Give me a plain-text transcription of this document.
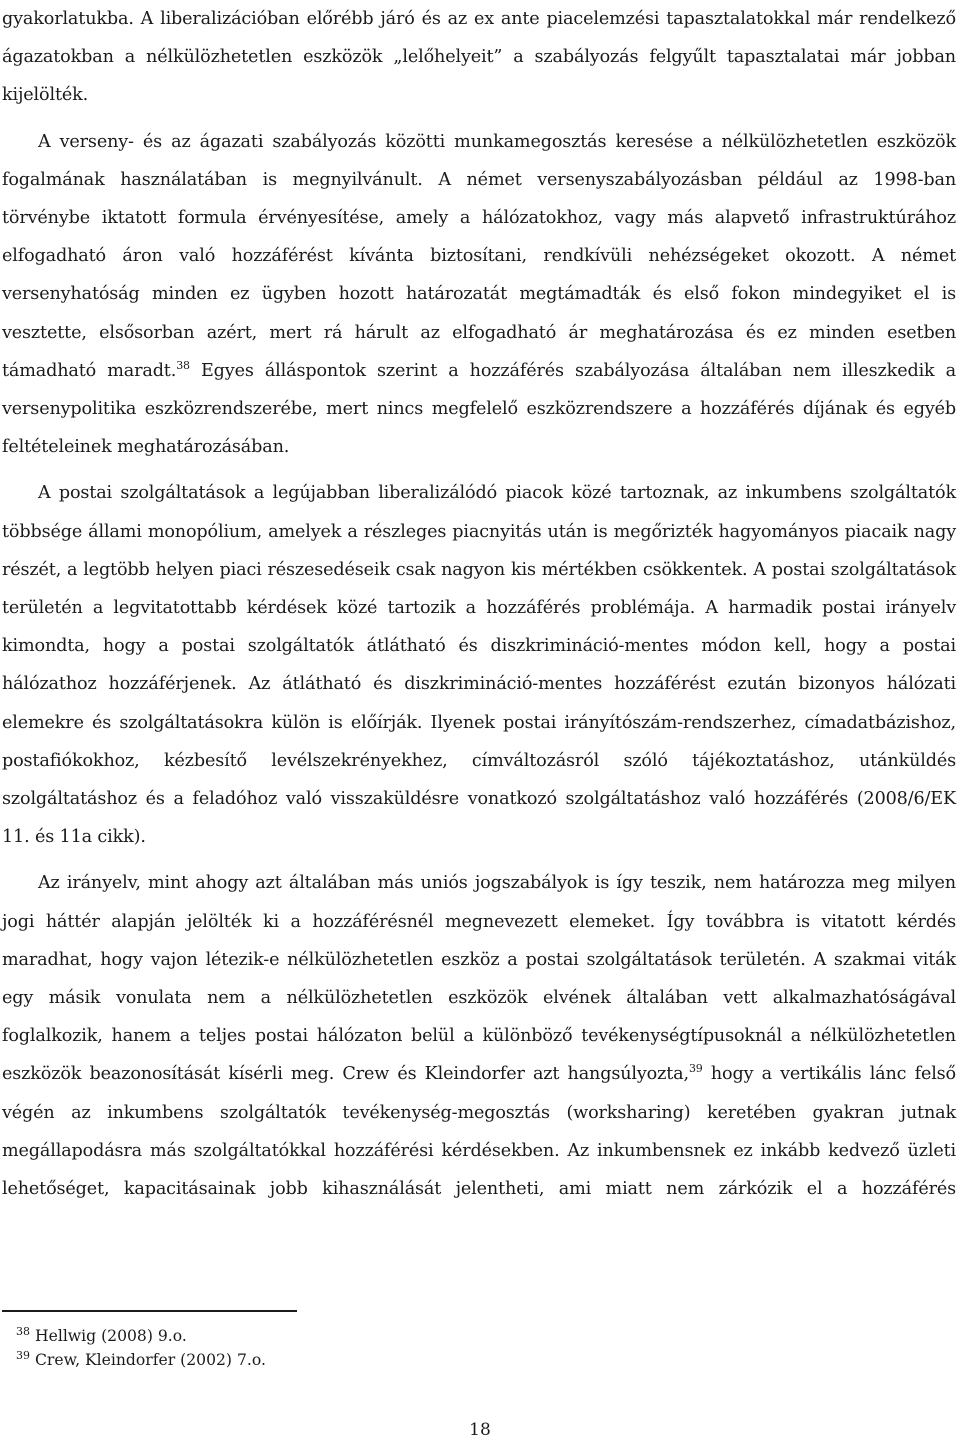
gyakorlatukba. A liberalizációban előrébb járó és az ex ante piacelemzési tapasztalatokkal már rendelkező ágazatokban a nélkülözhetetlen eszközök „lelőhelyeit” a szabályozás felgyűlt tapasztalatai már jobban kijelölték.

A verseny- és az ágazati szabályozás közötti munkamegosztás keresése a nélkülözhetetlen eszközök fogalmának használatában is megnyilvánult. A német versenyszabályozásban például az 1998-ban törvénybe iktatott formula érvényesítése, amely a hálózatokhoz, vagy más alapvető infrastruktúrához elfogadható áron való hozzáférést kívánta biztosítani, rendkívüli nehézségeket okozott. A német versenyhatóság minden ez ügyben hozott határozatát megtámadták és első fokon mindegyiket el is vesztette, elsősorban azért, mert rá hárult az elfogadható ár meghatározása és ez minden esetben támadható maradt.$^{38}$ Egyes álláspontok szerint a hozzáférés szabályozása általában nem illeszkedik a versenypolitika eszközrendszerébe, mert nincs megfelelő eszközrendszere a hozzáférés díjának és egyéb feltételeinek meghatározásában.

A postai szolgáltatások a legújabban liberalizálódó piacok közé tartoznak, az inkumbens szolgáltatók többsége állami monopólium, amelyek a részleges piacnyitás után is megőrizték hagyományos piacaik nagy részét, a legtöbb helyen piaci részesedéseik csak nagyon kis mértékben csökkentek. A postai szolgáltatások területén a legvitatottabb kérdések közé tartozik a hozzáférés problémája. A harmadik postai irányelv kimondta, hogy a postai szolgáltatók átlátható és diszkrimináció-mentes módon kell, hogy a postai hálózathoz hozzáférjenek. Az átlátható és diszkrimináció-mentes hozzáférést ezután bizonyos hálózati elemekre és szolgáltatásokra külön is előírják. Ilyenek postai irányítószám-rendszerhez, címadatbázishoz, postafiókokhoz, kézbesítő levélszekrényekhez, címváltozásról szóló tájékoztatáshoz, utánküldés szolgáltatáshoz és a feladóhoz való visszaküldésre vonatkozó szolgáltatáshoz való hozzáférés (2008/6/EK 11. és 11a cikk).

Az irányelv, mint ahogy azt általában más uniós jogszabályok is így teszik, nem határozza meg milyen jogi háttér alapján jelölték ki a hozzáférésnél megnevezett elemeket. Így továbbra is vitatott kérdés maradhat, hogy vajon létezik-e nélkülözhetetlen eszköz a postai szolgáltatások területén. A szakmai viták egy másik vonulata nem a nélkülözhetetlen eszközök elvének általában vett alkalmazhatóságával foglalkozik, hanem a teljes postai hálózaton belül a különböző tevékenységtípusoknál a nélkülözhetetlen eszközök beazonosítását kísérli meg. Crew és Kleindorfer azt hangsúlyozta,$^{39}$ hogy a vertikális lánc felső végén az inkumbens szolgáltatók tevékenység-megosztás (worksharing) keretében gyakran jutnak megállapodásra más szolgáltatókkal hozzáférési kérdésekben. Az inkumbensnek ez inkább kedvező üzleti lehetőséget, kapacitásainak jobb kihasználását jelentheti, ami miatt nem zárkózik el a hozzáférés

$^{38}$ Hellwig (2008) 9.o.

$^{39}$ Crew, Kleindorfer (2002) 7.o.

18
